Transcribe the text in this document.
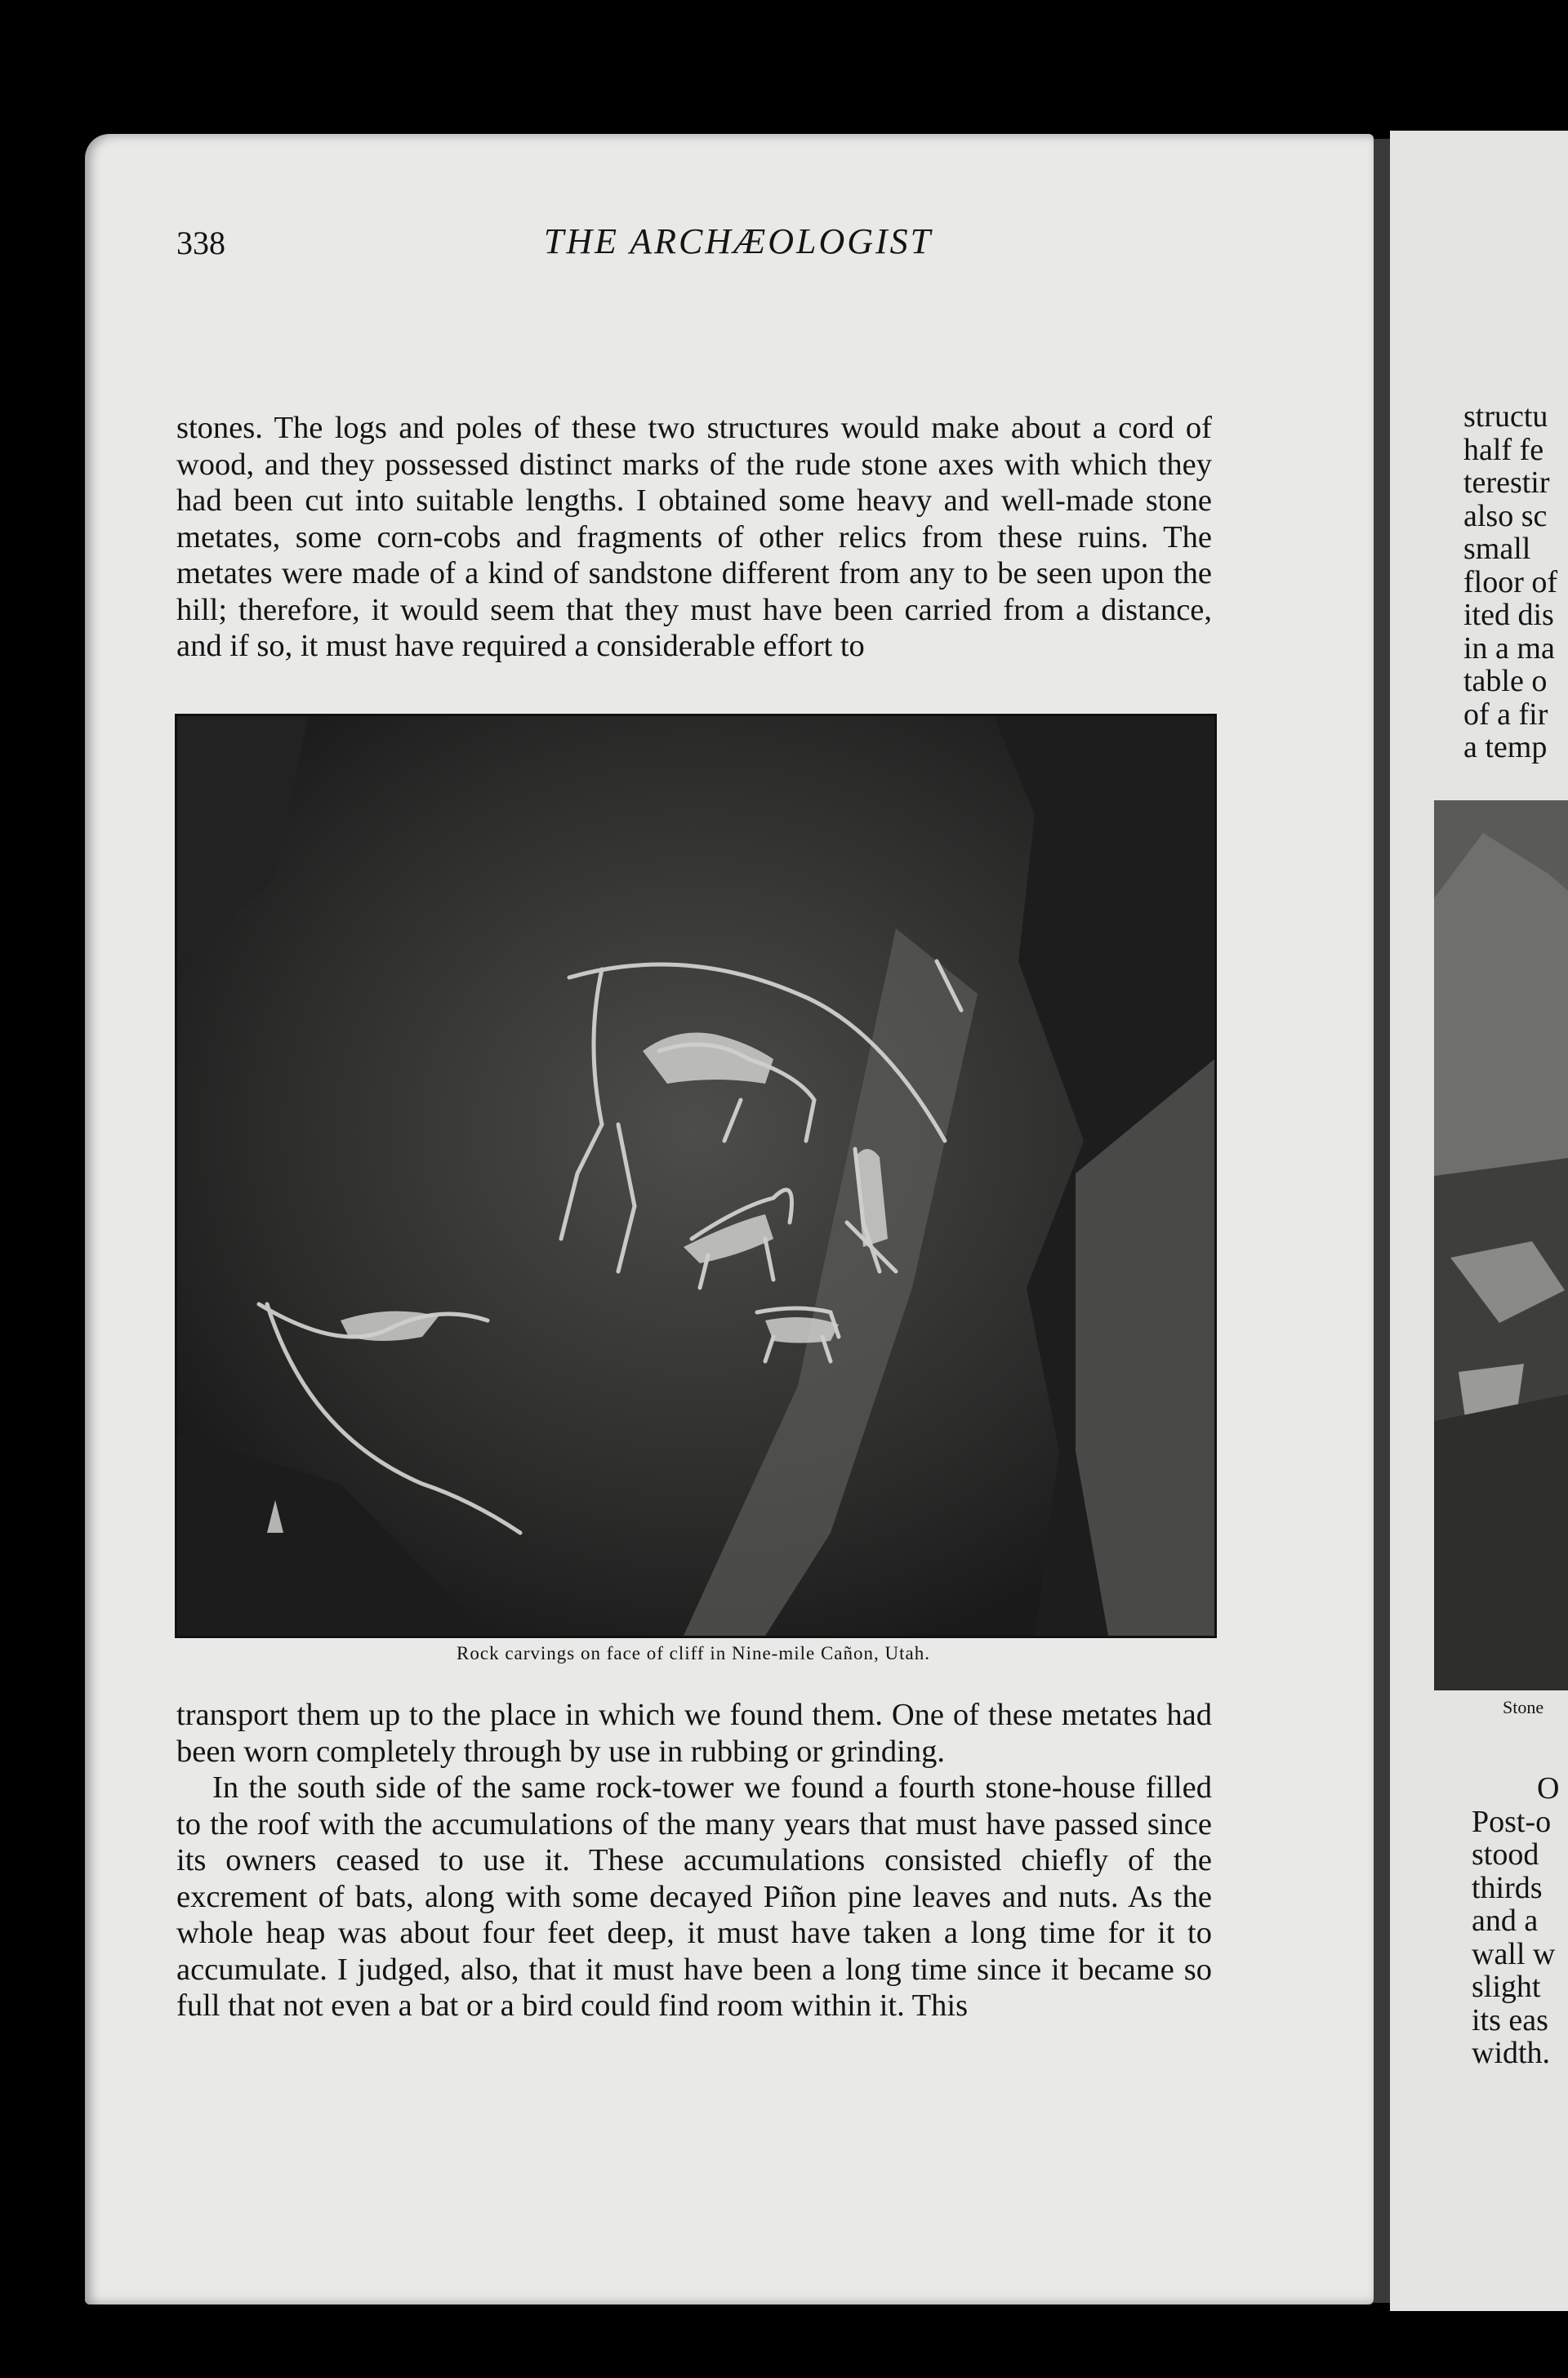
structu
half fe
terestir
also sc
small
floor of
ited dis
in a ma
table o
of a fir
a temp
Stone
O
Post-o
stood
thirds
and a
wall w
slight
its eas
width.
338	THE ARCHÆOLOGIST

stones. The logs and poles of these two structures would make about a cord of wood, and they possessed distinct marks of the rude stone axes with which they had been cut into suitable lengths. I obtained some heavy and well-made stone metates, some corn-cobs and fragments of other relics from these ruins. The metates were made of a kind of sandstone different from any to be seen upon the hill; therefore, it would seem that they must have been carried from a distance, and if so, it must have required a considerable effort to

Rock carvings on face of cliff in Nine-mile Cañon, Utah.

transport them up to the place in which we found them. One of these metates had been worn completely through by use in rubbing or grinding.

In the south side of the same rock-tower we found a fourth stone-house filled to the roof with the accumulations of the many years that must have passed since its owners ceased to use it. These accumulations consisted chiefly of the excrement of bats, along with some decayed Piñon pine leaves and nuts. As the whole heap was about four feet deep, it must have taken a long time for it to accumulate. I judged, also, that it must have been a long time since it became so full that not even a bat or a bird could find room within it. This
